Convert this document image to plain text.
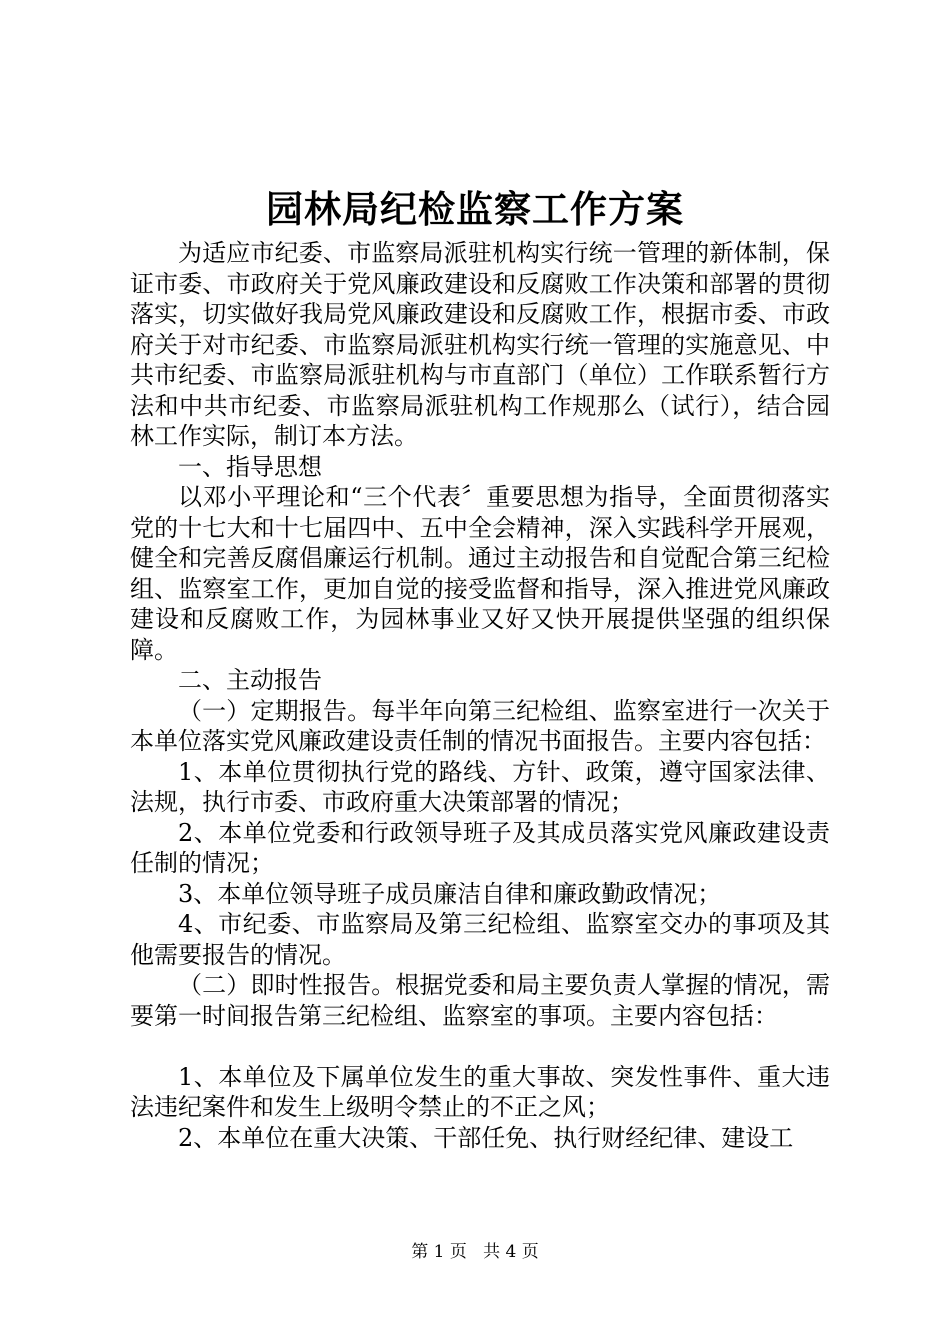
园林局纪检监察工作方案

为适应市纪委、市监察局派驻机构实行统一管理的新体制，保证市委、市政府关于党风廉政建设和反腐败工作决策和部署的贯彻落实，切实做好我局党风廉政建设和反腐败工作，根据市委、市政府关于对市纪委、市监察局派驻机构实行统一管理的实施意见、中共市纪委、市监察局派驻机构与市直部门（单位）工作联系暂行方法和中共市纪委、市监察局派驻机构工作规那么（试行），结合园林工作实际，制订本方法。

一、指导思想

以邓小平理论和“三个代表〞重要思想为指导，全面贯彻落实党的十七大和十七届四中、五中全会精神，深入实践科学开展观，健全和完善反腐倡廉运行机制。通过主动报告和自觉配合第三纪检组、监察室工作，更加自觉的接受监督和指导，深入推进党风廉政建设和反腐败工作，为园林事业又好又快开展提供坚强的组织保障。

二、主动报告

（一）定期报告。每半年向第三纪检组、监察室进行一次关于本单位落实党风廉政建设责任制的情况书面报告。主要内容包括：

1、本单位贯彻执行党的路线、方针、政策，遵守国家法律、法规，执行市委、市政府重大决策部署的情况；

2、本单位党委和行政领导班子及其成员落实党风廉政建设责任制的情况；

3、本单位领导班子成员廉洁自律和廉政勤政情况；

4、市纪委、市监察局及第三纪检组、监察室交办的事项及其他需要报告的情况。

（二）即时性报告。根据党委和局主要负责人掌握的情况，需要第一时间报告第三纪检组、监察室的事项。主要内容包括：

1、本单位及下属单位发生的重大事故、突发性事件、重大违法违纪案件和发生上级明令禁止的不正之风；

2、本单位在重大决策、干部任免、执行财经纪律、建设工

第 1 页 共 4 页
